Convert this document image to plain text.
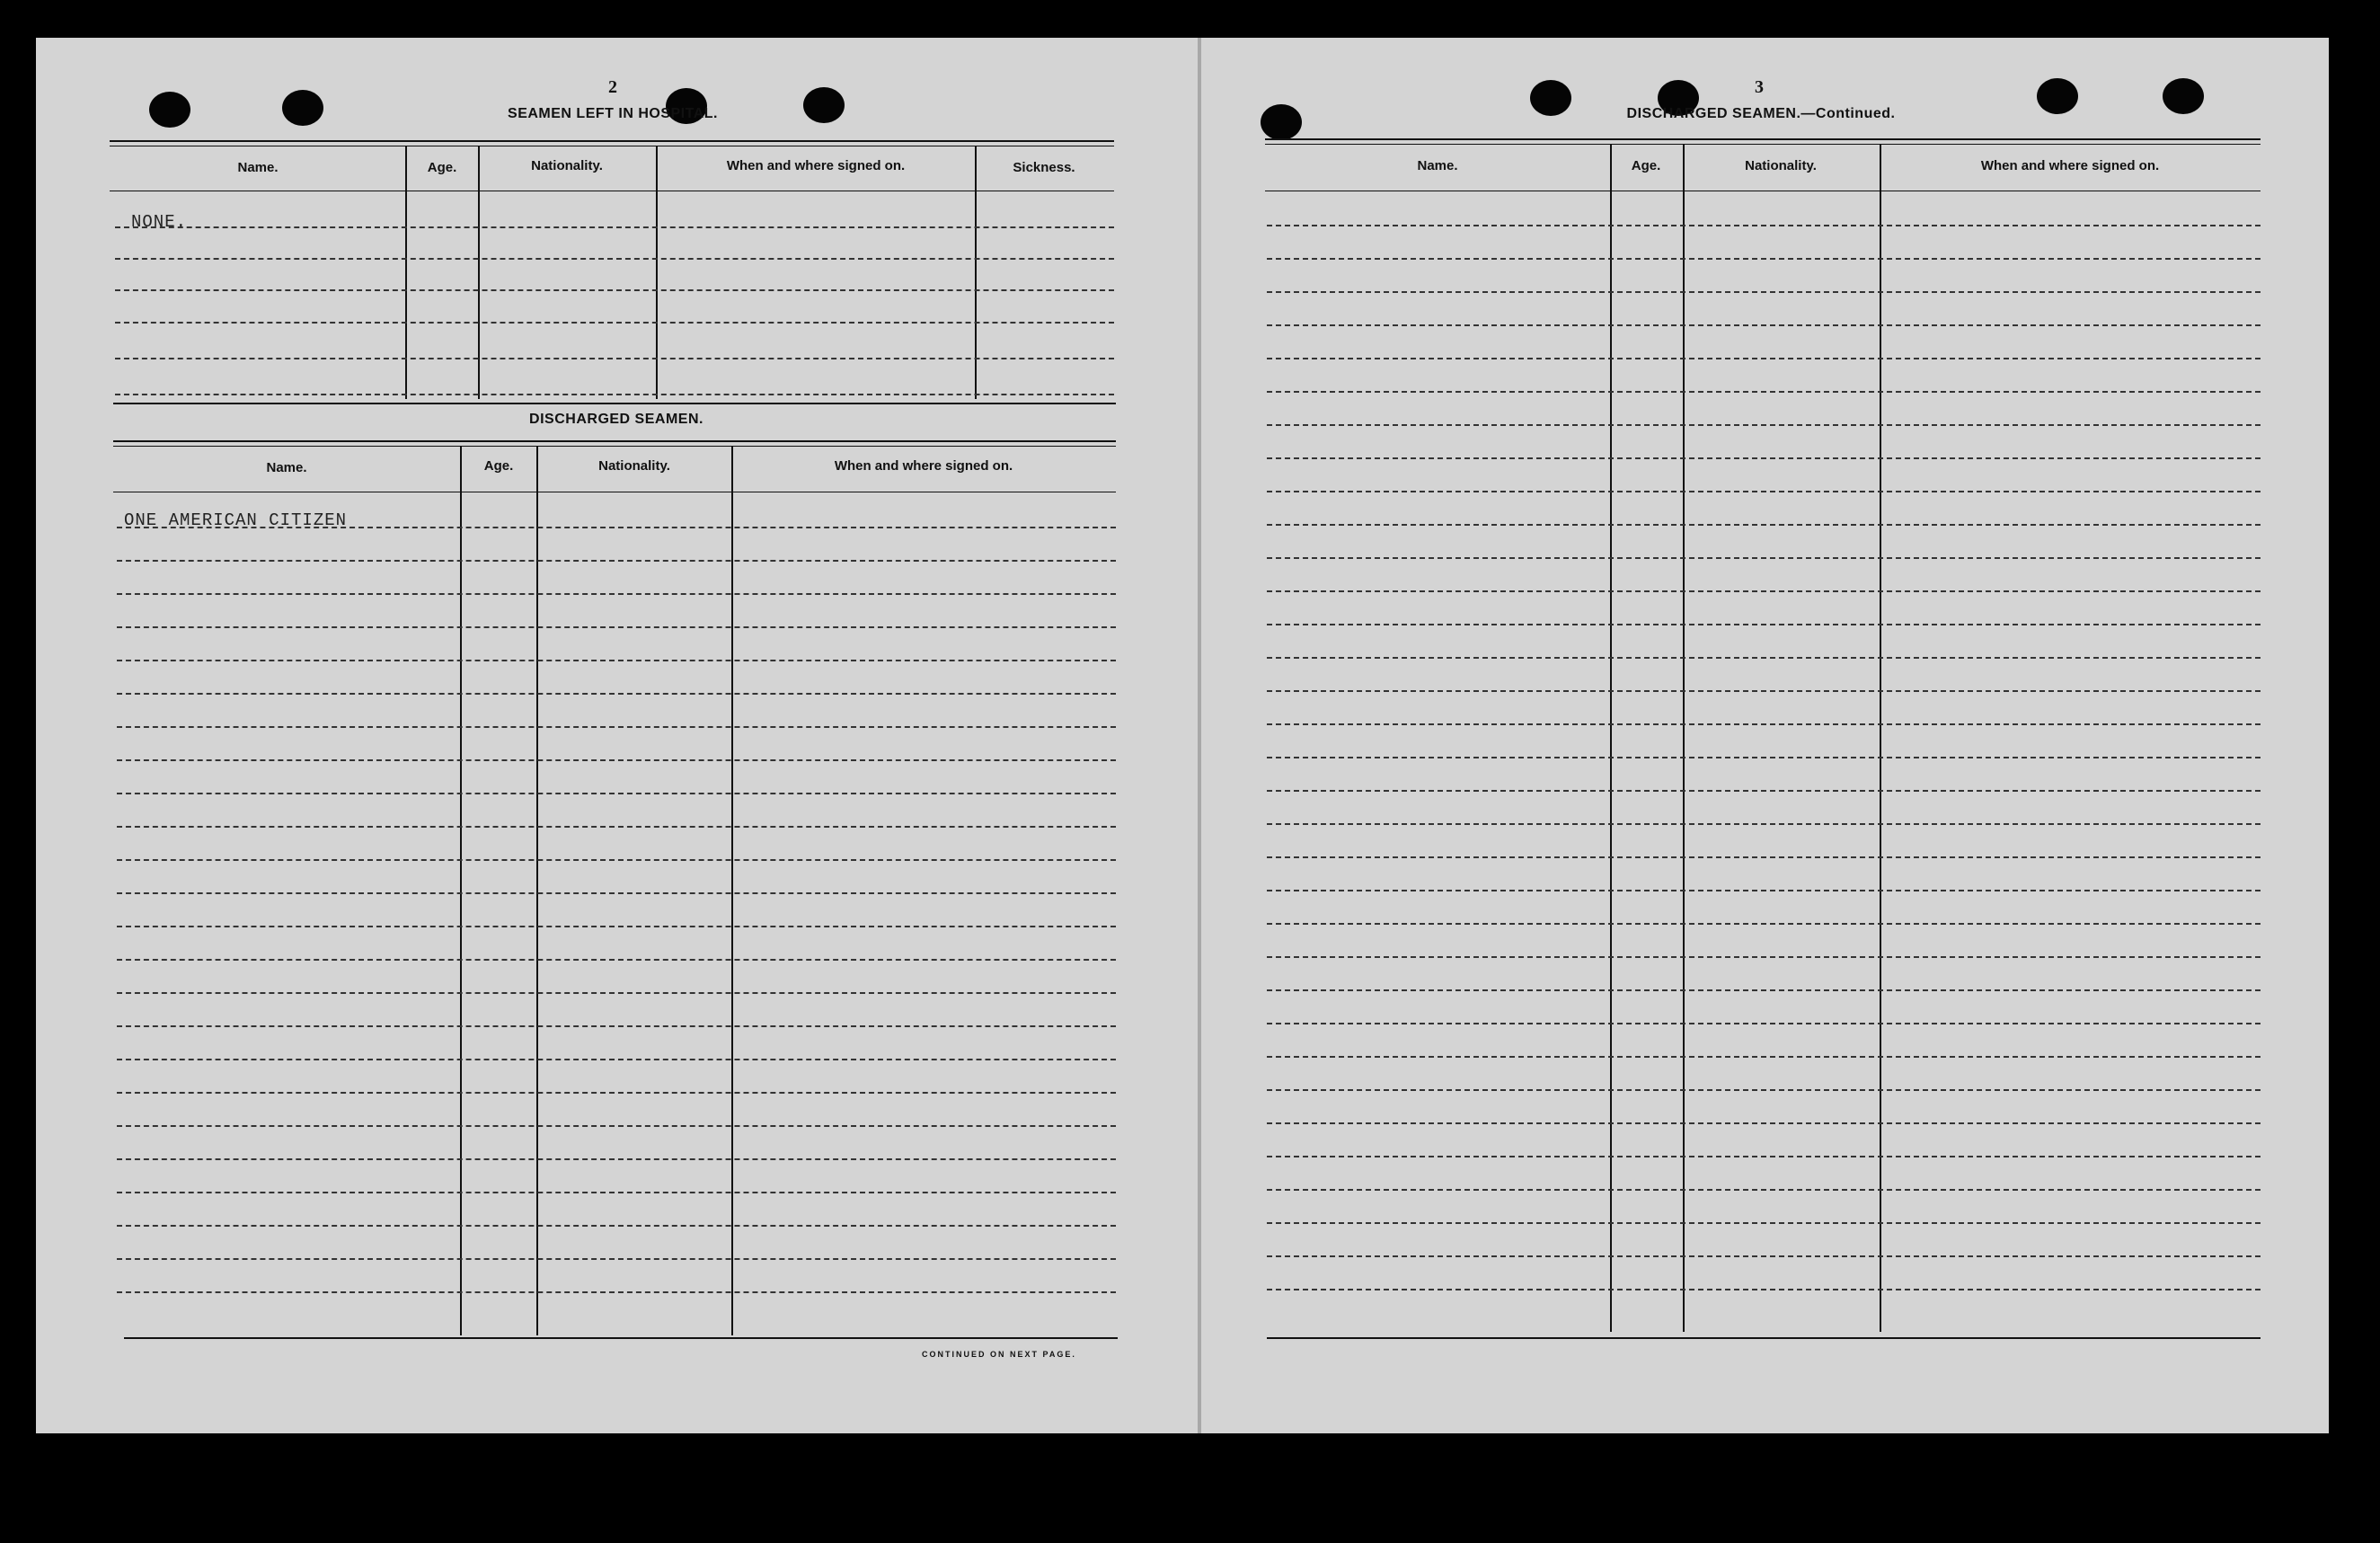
2
SEAMEN LEFT IN HOSPITAL.
Name.	Age.	Nationality.	When and where signed on.	Sickness.
NONE.
DISCHARGED SEAMEN.
Name.	Age.	Nationality.	When and where signed on.
ONE AMERICAN CITIZEN
CONTINUED ON NEXT PAGE.
3
DISCHARGED SEAMEN.—Continued.
Name.	Age.	Nationality.	When and where signed on.
